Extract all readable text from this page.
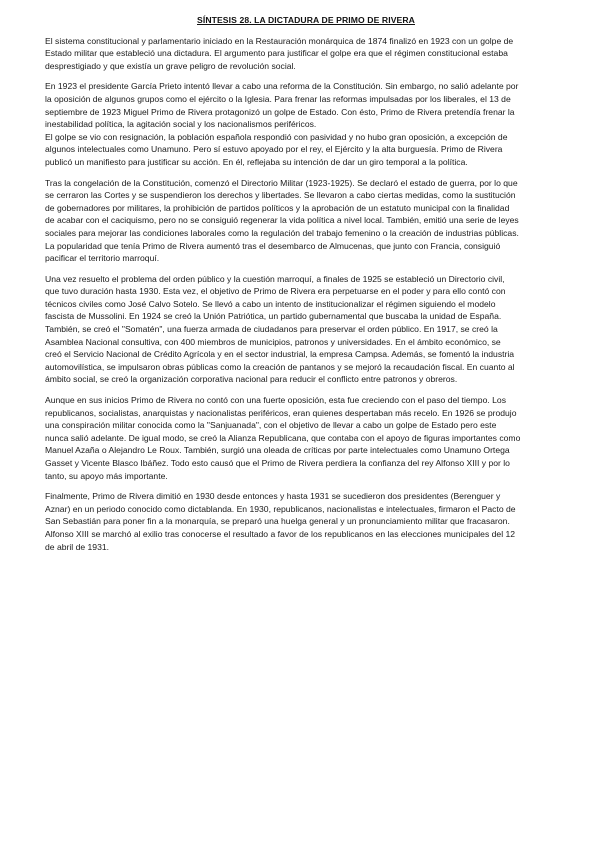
SÍNTESIS 28. LA DICTADURA DE PRIMO DE RIVERA
El sistema constitucional y parlamentario iniciado en la Restauración monárquica de 1874 finalizó en 1923 con un golpe de
Estado militar que estableció una dictadura. El argumento para justificar el golpe era que el régimen constitucional estaba
desprestigiado y que existía un grave peligro de revolución social.
En 1923 el presidente García Prieto intentó llevar a cabo una reforma de la Constitución. Sin embargo, no salió adelante por
la oposición de algunos grupos como el ejército o la Iglesia. Para frenar las reformas impulsadas por los liberales, el 13 de
septiembre de 1923 Miguel Primo de Rivera protagonizó un golpe de Estado. Con ésto, Primo de Rivera pretendía frenar la
inestabilidad política, la agitación social y los nacionalismos periféricos.
El golpe se vio con resignación, la población española respondió con pasividad y no hubo gran oposición, a excepción de
algunos intelectuales como Unamuno. Pero sí estuvo apoyado por el rey, el Ejército y la alta burguesía. Primo de Rivera
publicó un manifiesto para justificar su acción. En él, reflejaba su intención de dar un giro temporal a la política.
Tras la congelación de la Constitución, comenzó el Directorio Militar (1923-1925). Se declaró el estado de guerra, por lo que
se cerraron las Cortes y se suspendieron los derechos y libertades. Se llevaron a cabo ciertas medidas, como la sustitución
de gobernadores por militares, la prohibición de partidos políticos y la aprobación de un estatuto municipal con la finalidad
de acabar con el caciquismo, pero no se consiguió regenerar la vida política a nivel local. También, emitió una serie de leyes
sociales para mejorar las condiciones laborales como la regulación del trabajo femenino o la creación de industrias públicas.
La popularidad que tenía Primo de Rivera aumentó tras el desembarco de Almucenas, que junto con Francia, consiguió
pacificar el territorio marroquí.
Una vez resuelto el problema del orden público y la cuestión marroquí, a finales de 1925 se estableció un Directorio civil,
que tuvo duración hasta 1930. Esta vez, el objetivo de Primo de Rivera era perpetuarse en el poder y para ello contó con
técnicos civiles como José Calvo Sotelo. Se llevó a cabo un intento de institucionalizar el régimen siguiendo el modelo
fascista de Mussolini. En 1924 se creó la Unión Patriótica, un partido gubernamental que buscaba la unidad de España.
También, se creó el "Somatén", una fuerza armada de ciudadanos para preservar el orden público. En 1917, se creó la
Asamblea Nacional consultiva, con 400 miembros de municipios, patronos y universidades. En el ámbito económico, se
creó el Servicio Nacional de Crédito Agrícola y en el sector industrial, la empresa Campsa. Además, se fomentó la industria
automovilística, se impulsaron obras públicas como la creación de pantanos y se mejoró la recaudación fiscal. En cuanto al
ámbito social, se creó la organización corporativa nacional para reducir el conflicto entre patronos y obreros.
Aunque en sus inicios Primo de Rivera no contó con una fuerte oposición, esta fue creciendo con el paso del tiempo. Los
republicanos, socialistas, anarquistas y nacionalistas periféricos, eran quienes despertaban más recelo. En 1926 se produjo
una conspiración militar conocida como la "Sanjuanada", con el objetivo de llevar a cabo un golpe de Estado pero este
nunca salió adelante. De igual modo, se creó la Alianza Republicana, que contaba con el apoyo de figuras importantes como
Manuel Azaña o Alejandro Le Roux. También, surgió una oleada de críticas por parte intelectuales como Unamuno Ortega
Gasset y Vicente Blasco Ibáñez. Todo esto causó que el Primo de Rivera perdiera la confianza del rey Alfonso XIII y por lo
tanto, su apoyo más importante.
Finalmente, Primo de Rivera dimitió en 1930 desde entonces y hasta 1931 se sucedieron dos presidentes (Berenguer y
Aznar) en un periodo conocido como dictablanda. En 1930, republicanos, nacionalistas e intelectuales, firmaron el Pacto de
San Sebastián para poner fin a la monarquía, se preparó una huelga general y un pronunciamiento militar que fracasaron.
Alfonso XIII se marchó al exilio tras conocerse el resultado a favor de los republicanos en las elecciones municipales del 12
de abril de 1931.
